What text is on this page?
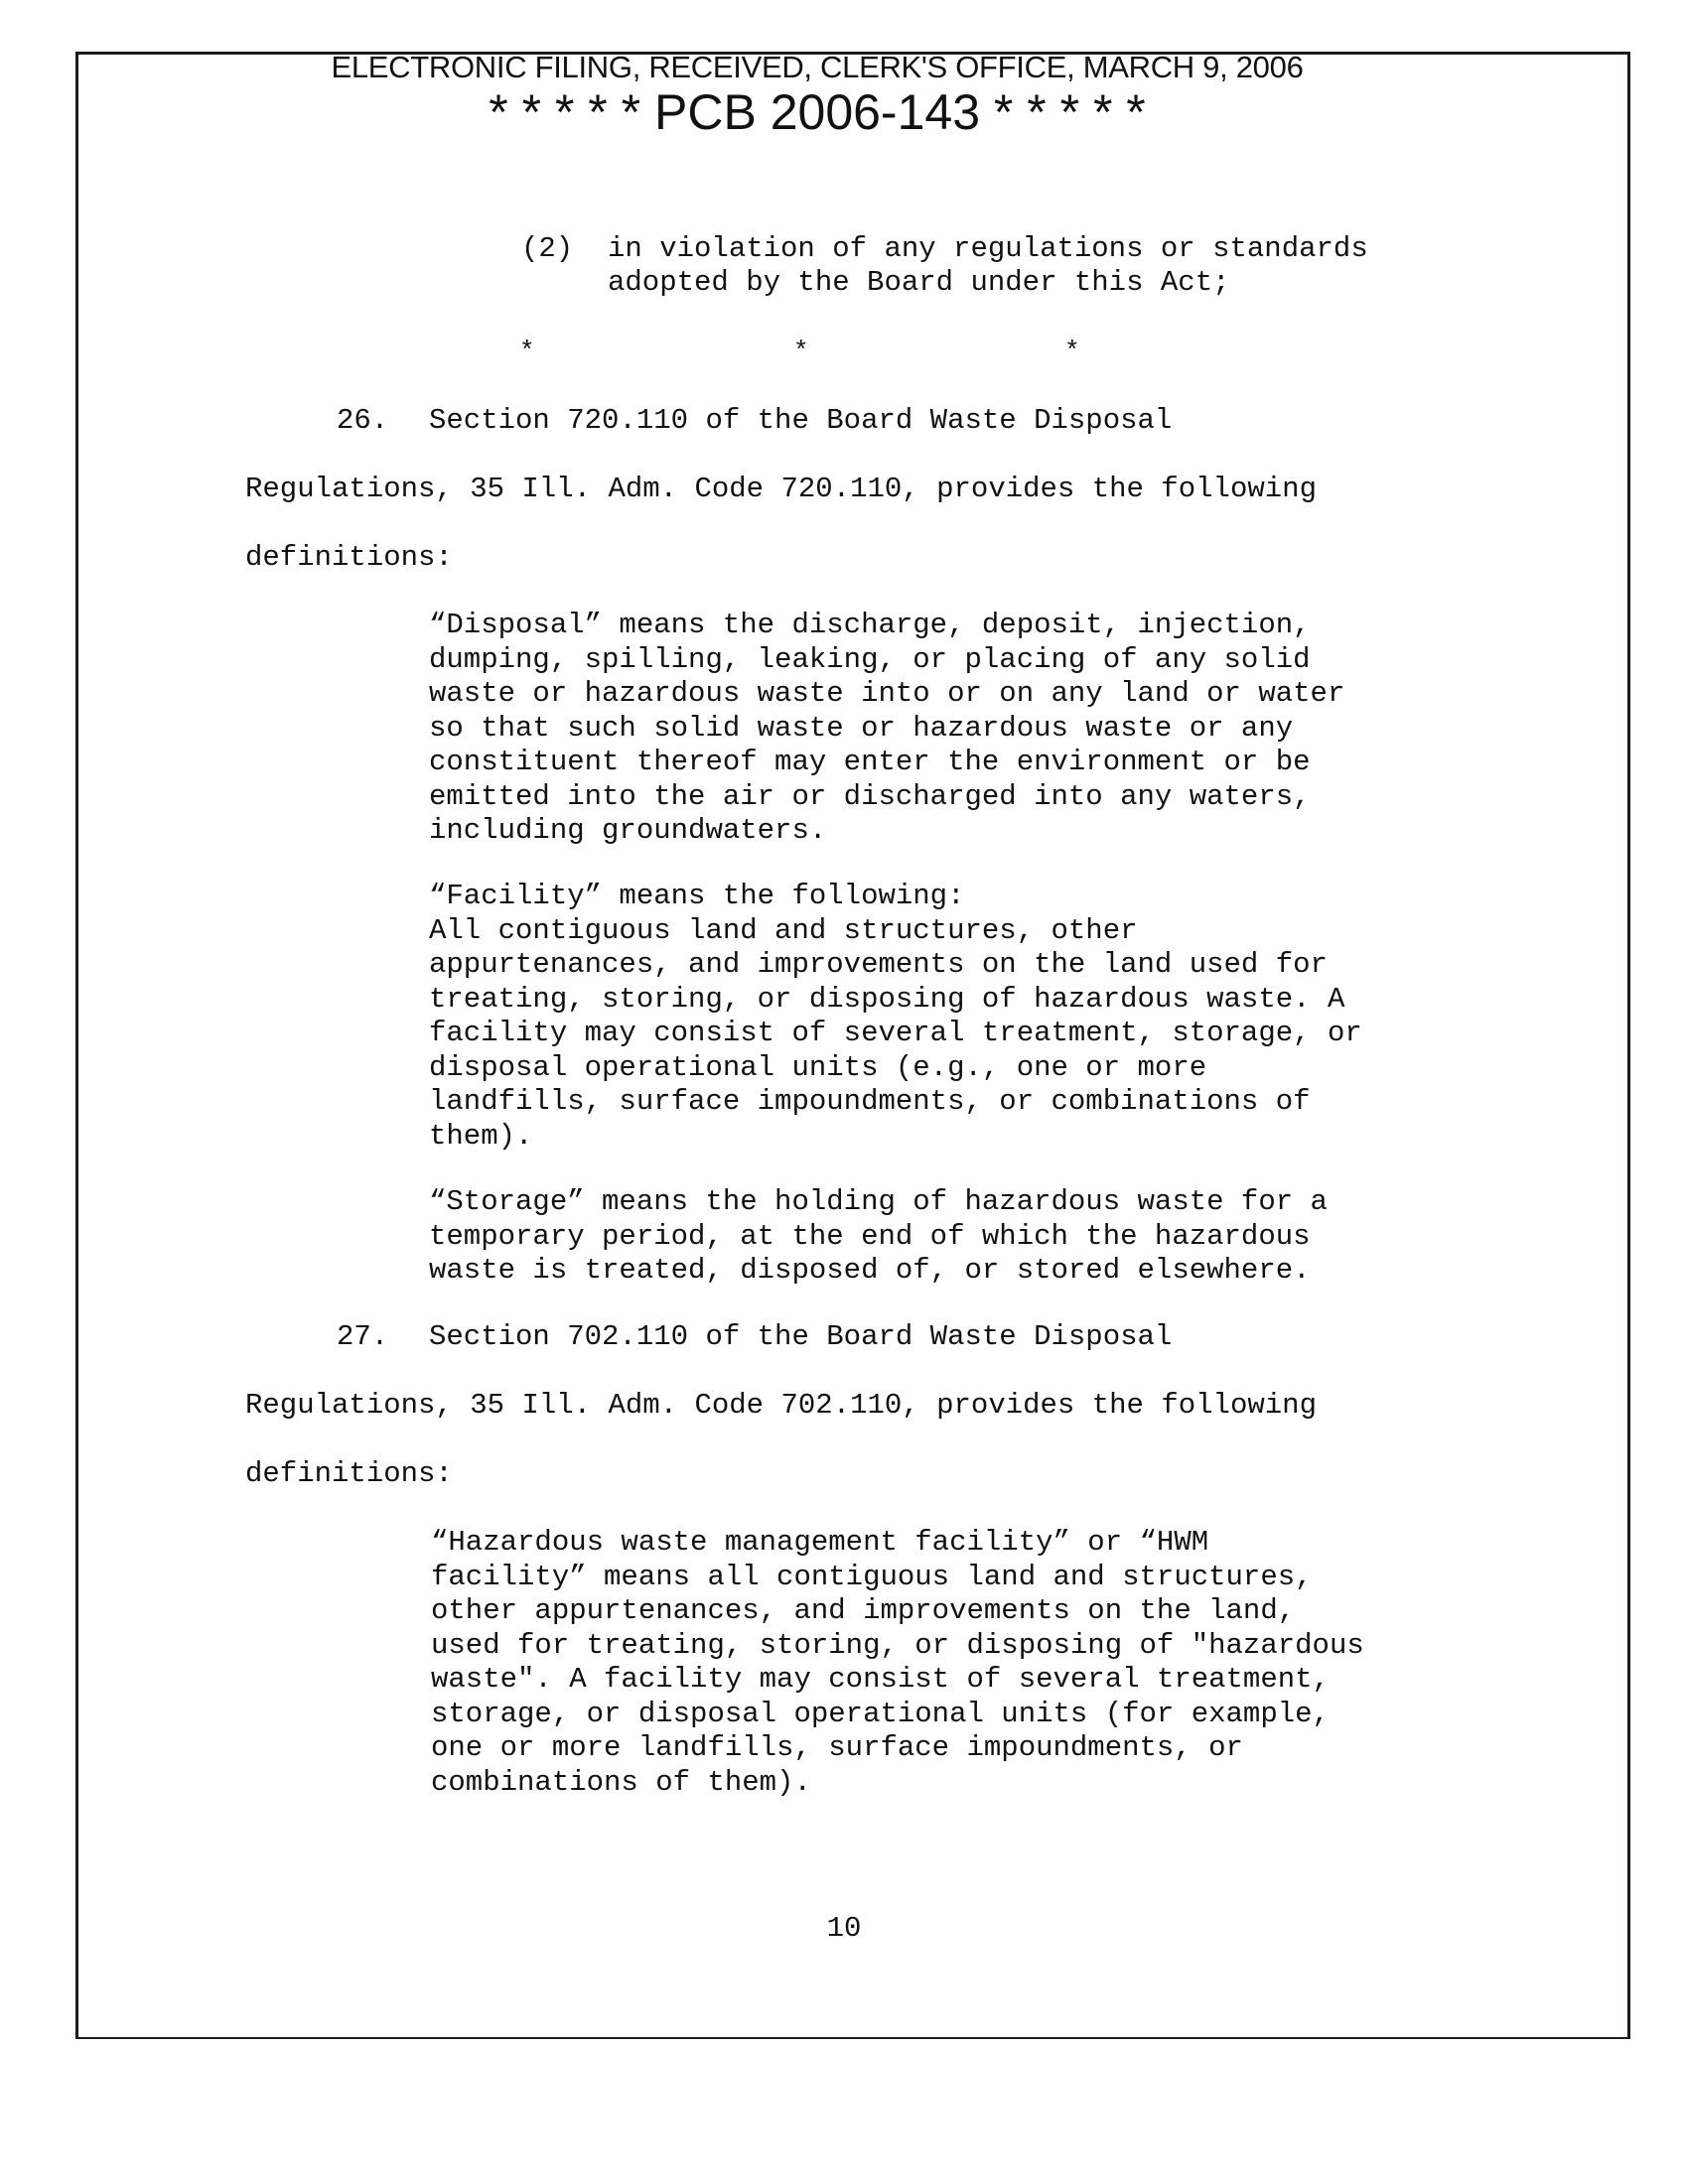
ELECTRONIC FILING, RECEIVED, CLERK'S OFFICE, MARCH 9, 2006
* * * * * PCB 2006-143 * * * * *
(2) in violation of any regulations or standards
adopted by the Board under this Act;
*	*	*
26. Section 720.110 of the Board Waste Disposal
Regulations, 35 Ill. Adm. Code 720.110, provides the following
definitions:
“Disposal” means the discharge, deposit, injection,
dumping, spilling, leaking, or placing of any solid
waste or hazardous waste into or on any land or water
so that such solid waste or hazardous waste or any
constituent thereof may enter the environment or be
emitted into the air or discharged into any waters,
including groundwaters.
“Facility” means the following:
All contiguous land and structures, other
appurtenances, and improvements on the land used for
treating, storing, or disposing of hazardous waste. A
facility may consist of several treatment, storage, or
disposal operational units (e.g., one or more
landfills, surface impoundments, or combinations of
them).
“Storage” means the holding of hazardous waste for a
temporary period, at the end of which the hazardous
waste is treated, disposed of, or stored elsewhere.
27. Section 702.110 of the Board Waste Disposal
Regulations, 35 Ill. Adm. Code 702.110, provides the following
definitions:
“Hazardous waste management facility” or “HWM
facility” means all contiguous land and structures,
other appurtenances, and improvements on the land,
used for treating, storing, or disposing of "hazardous
waste". A facility may consist of several treatment,
storage, or disposal operational units (for example,
one or more landfills, surface impoundments, or
combinations of them).
10
